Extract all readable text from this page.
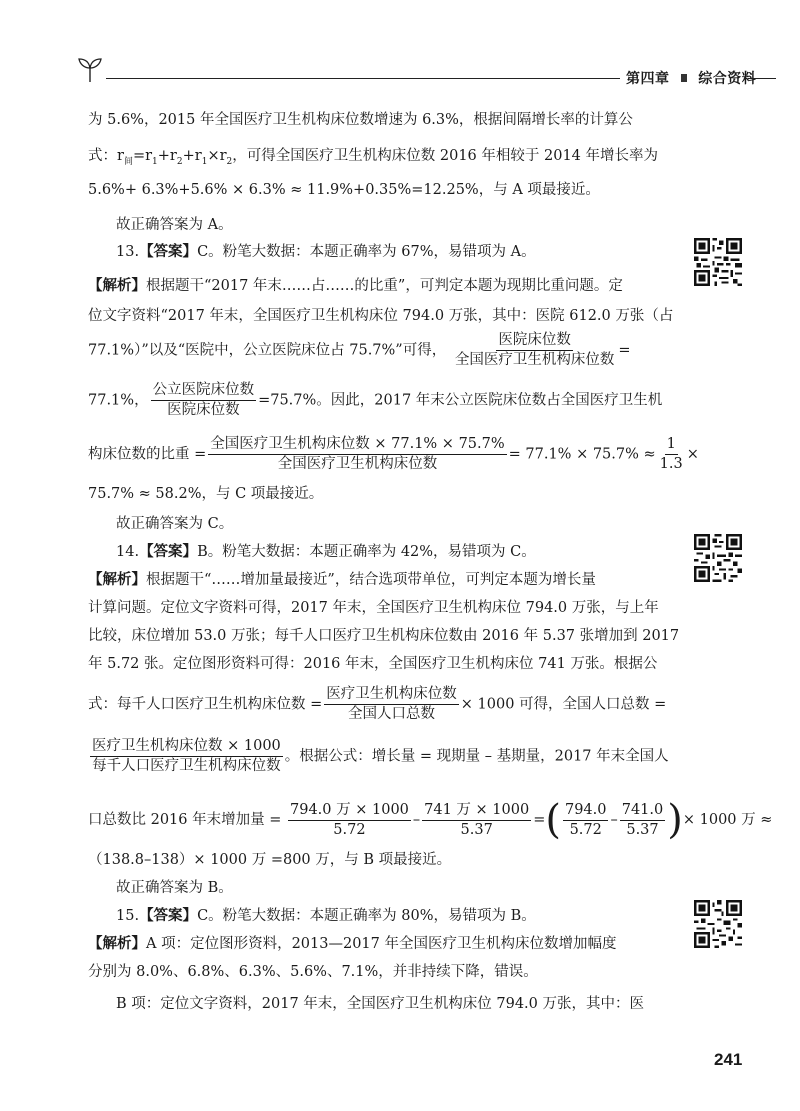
第四章 综合资料
为 5.6%，2015 年全国医疗卫生机构床位数增速为 6.3%，根据间隔增长率的计算公
式：$r_间=r_1+r_2+r_1\times r_2$，可得全国医疗卫生机构床位数 2016 年相较于 2014 年增长率为
5.6%+ 6.3%+5.6% × 6.3% ≈ 11.9%+0.35%=12.25%，与 A 项最接近。
故正确答案为 A。
13.【答案】C。粉笔大数据：本题正确率为 67%，易错项为 A。
【解析】根据题干“2017 年末……占……的比重”，可判定本题为现期比重问题。定
位文字资料“2017 年末，全国医疗卫生机构床位 794.0 万张，其中：医院 612.0 万张（占
77.1%）”以及“医院中，公立医院床位占 75.7%”可得， $\frac{\text{医院床位数}}{\text{全国医疗卫生机构床位数}}$ =
77.1%， $\frac{\text{公立医院床位数}}{\text{医院床位数}} =75.7\%$。因此，2017 年末公立医院床位数占全国医疗卫生机
构床位数的比重 = $\frac{\text{全国医疗卫生机构床位数 × 77.1\% × 75.7\%}}{\text{全国医疗卫生机构床位数}} = 77.1\% \times 75.7\% \approx \frac{1}{1.3}$ ×
75.7% ≈ 58.2%，与 C 项最接近。
故正确答案为 C。
14.【答案】B。粉笔大数据：本题正确率为 42%，易错项为 C。
【解析】根据题干“……增加量最接近”，结合选项带单位，可判定本题为增长量
计算问题。定位文字资料可得，2017 年末，全国医疗卫生机构床位 794.0 万张，与上年
比较，床位增加 53.0 万张；每千人口医疗卫生机构床位数由 2016 年 5.37 张增加到 2017
年 5.72 张。定位图形资料可得：2016 年末，全国医疗卫生机构床位 741 万张。根据公
式：每千人口医疗卫生机构床位数 = $\frac{\text{医疗卫生机构床位数}}{\text{全国人口总数}} \times 1000$ 可得，全国人口总数 =
$\frac{\text{医疗卫生机构床位数 × 1000}}{\text{每千人口医疗卫生机构床位数}}$ 。根据公式：增长量 = 现期量 – 基期量，2017 年末全国人
口总数比 2016 年末增加量 = $\frac{\text{794.0 万 × 1000}}{5.72} - \frac{\text{741 万 × 1000}}{5.37}$ =( $\frac{794.0}{5.72} - \frac{741.0}{5.37}$ )× 1000 万 ≈
（138.8–138）× 1000 万 =800 万，与 B 项最接近。
故正确答案为 B。
15.【答案】C。粉笔大数据：本题正确率为 80%，易错项为 B。
【解析】A 项：定位图形资料，2013—2017 年全国医疗卫生机构床位数增加幅度
分别为 8.0%、6.8%、6.3%、5.6%、7.1%，并非持续下降，错误。
B 项：定位文字资料，2017 年末，全国医疗卫生机构床位 794.0 万张，其中：医
241
